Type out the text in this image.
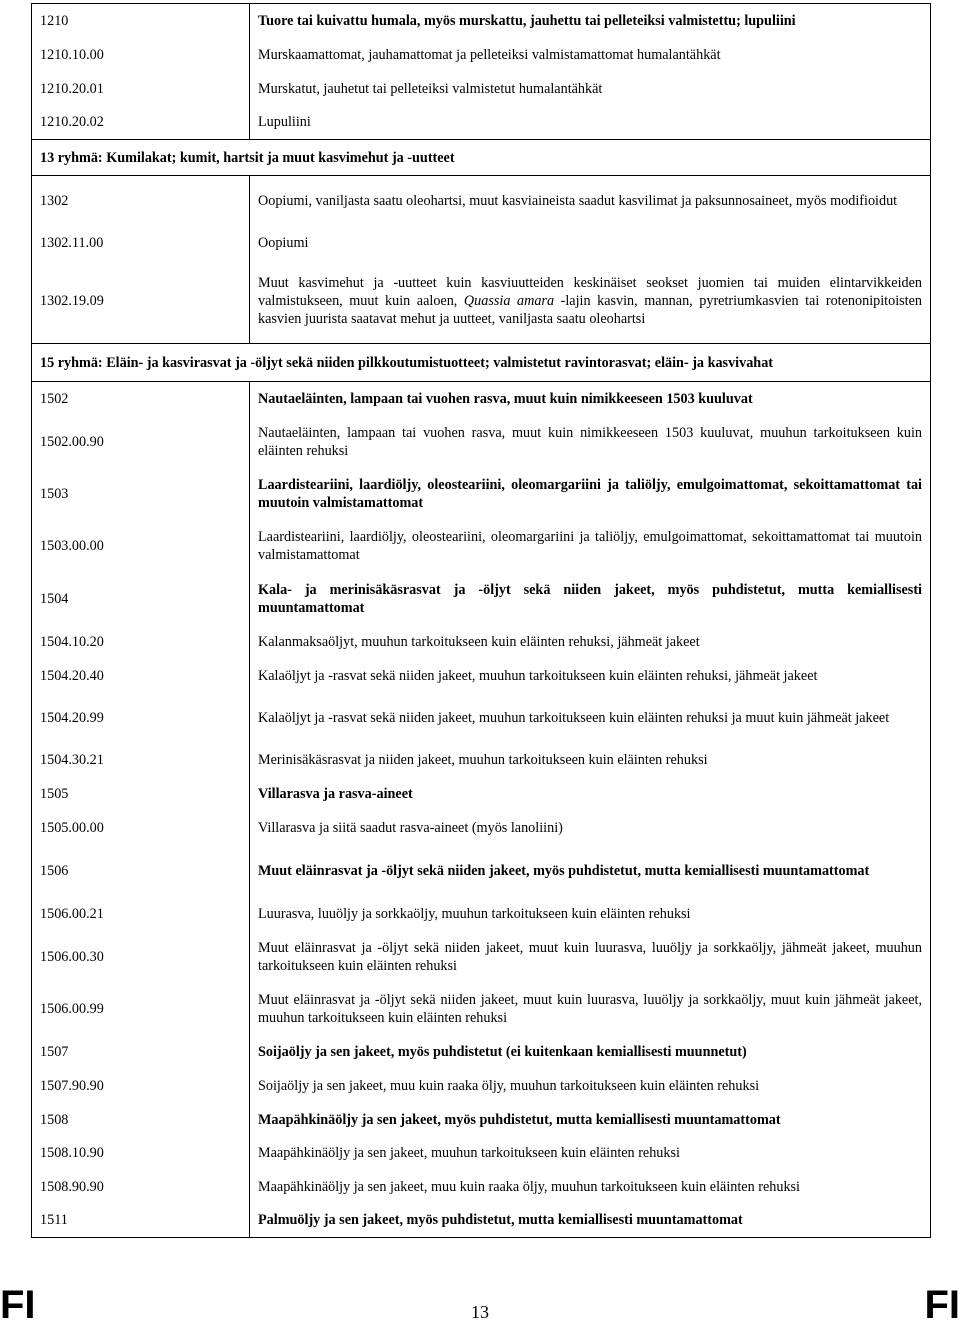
1210	Tuore tai kuivattu humala, myös murskattu, jauhettu tai pelleteiksi valmistettu; lupuliini
1210.10.00	Murskaamattomat, jauhamattomat ja pelleteiksi valmistamattomat humalantähkät
1210.20.01	Murskatut, jauhetut tai pelleteiksi valmistetut humalantähkät
1210.20.02	Lupuliini
13 ryhmä: Kumilakat; kumit, hartsit ja muut kasvimehut ja -uutteet	
1302	Oopiumi, vaniljasta saatu oleohartsi, muut kasviaineista saadut kasvilimat ja paksunnosaineet, myös modifioidut
1302.11.00	Oopiumi
1302.19.09	Muut kasvimehut ja -uutteet kuin kasviuutteiden keskinäiset seokset juomien tai muiden elintarvikkeiden valmistukseen, muut kuin aaloen, Quassia amara -lajin kasvin, mannan, pyretriumkasvien tai rotenonipitoisten kasvien juurista saatavat mehut ja uutteet, vaniljasta saatu oleohartsi
15 ryhmä: Eläin- ja kasvirasvat ja -öljyt sekä niiden pilkkoutumistuotteet; valmistetut ravintorasvat; eläin- ja kasvivahat	
1502	Nautaeläinten, lampaan tai vuohen rasva, muut kuin nimikkeeseen 1503 kuuluvat
1502.00.90	Nautaeläinten, lampaan tai vuohen rasva, muut kuin nimikkeeseen 1503 kuuluvat, muuhun tarkoitukseen kuin eläinten rehuksi
1503	Laardisteariini, laardiöljy, oleosteariini, oleomargariini ja taliöljy, emulgoimattomat, sekoittamattomat tai muutoin valmistamattomat
1503.00.00	Laardisteariini, laardiöljy, oleosteariini, oleomargariini ja taliöljy, emulgoimattomat, sekoittamattomat tai muutoin valmistamattomat
1504	Kala- ja merinisäkäsrasvat ja -öljyt sekä niiden jakeet, myös puhdistetut, mutta kemiallisesti muuntamattomat
1504.10.20	Kalanmaksaöljyt, muuhun tarkoitukseen kuin eläinten rehuksi, jähmeät jakeet
1504.20.40	Kalaöljyt ja -rasvat sekä niiden jakeet, muuhun tarkoitukseen kuin eläinten rehuksi, jähmeät jakeet
1504.20.99	Kalaöljyt ja -rasvat sekä niiden jakeet, muuhun tarkoitukseen kuin eläinten rehuksi ja muut kuin jähmeät jakeet
1504.30.21	Merinisäkäsrasvat ja niiden jakeet, muuhun tarkoitukseen kuin eläinten rehuksi
1505	Villarasva ja rasva-aineet
1505.00.00	Villarasva ja siitä saadut rasva-aineet (myös lanoliini)
1506	Muut eläinrasvat ja -öljyt sekä niiden jakeet, myös puhdistetut, mutta kemiallisesti muuntamattomat
1506.00.21	Luurasva, luuöljy ja sorkkaöljy, muuhun tarkoitukseen kuin eläinten rehuksi
1506.00.30	Muut eläinrasvat ja -öljyt sekä niiden jakeet, muut kuin luurasva, luuöljy ja sorkkaöljy, jähmeät jakeet, muuhun tarkoitukseen kuin eläinten rehuksi
1506.00.99	Muut eläinrasvat ja -öljyt sekä niiden jakeet, muut kuin luurasva, luuöljy ja sorkkaöljy, muut kuin jähmeät jakeet, muuhun tarkoitukseen kuin eläinten rehuksi
1507	Soijaöljy ja sen jakeet, myös puhdistetut (ei kuitenkaan kemiallisesti muunnetut)
1507.90.90	Soijaöljy ja sen jakeet, muu kuin raaka öljy, muuhun tarkoitukseen kuin eläinten rehuksi
1508	Maapähkinäöljy ja sen jakeet, myös puhdistetut, mutta kemiallisesti muuntamattomat
1508.10.90	Maapähkinäöljy ja sen jakeet, muuhun tarkoitukseen kuin eläinten rehuksi
1508.90.90	Maapähkinäöljy ja sen jakeet, muu kuin raaka öljy, muuhun tarkoitukseen kuin eläinten rehuksi
1511	Palmuöljy ja sen jakeet, myös puhdistetut, mutta kemiallisesti muuntamattomat
FI	13	FI
